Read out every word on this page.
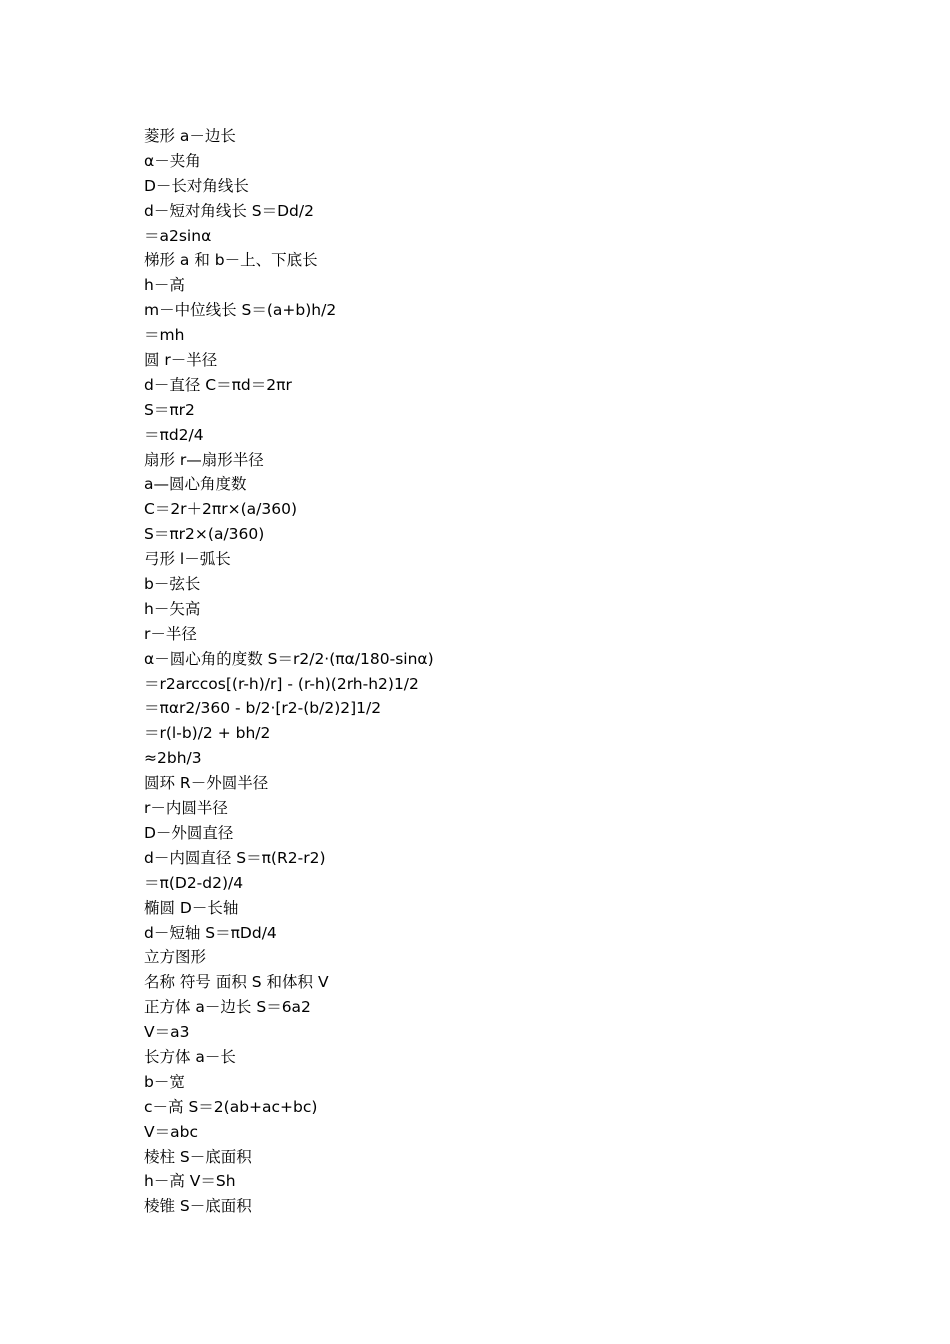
菱形 a－边长
α－夹角
D－长对角线长
d－短对角线长 S＝Dd/2
＝a2sinα
梯形 a 和 b－上、下底长
h－高
m－中位线长 S＝(a+b)h/2
＝mh
圆 r－半径
d－直径 C＝πd＝2πr
S＝πr2
＝πd2/4
扇形 r—扇形半径
a—圆心角度数
C＝2r＋2πr×(a/360)
S＝πr2×(a/360)
弓形 l－弧长
b－弦长
h－矢高
r－半径
α－圆心角的度数 S＝r2/2·(πα/180-sinα)
＝r2arccos[(r-h)/r] - (r-h)(2rh-h2)1/2
＝παr2/360 - b/2·[r2-(b/2)2]1/2
＝r(l-b)/2 + bh/2
≈2bh/3
圆环 R－外圆半径
r－内圆半径
D－外圆直径
d－内圆直径 S＝π(R2-r2)
＝π(D2-d2)/4
椭圆 D－长轴
d－短轴 S＝πDd/4
立方图形
名称 符号 面积 S 和体积 V
正方体 a－边长 S＝6a2
V＝a3
长方体 a－长
b－宽
c－高 S＝2(ab+ac+bc)
V＝abc
棱柱 S－底面积
h－高 V＝Sh
棱锥 S－底面积
